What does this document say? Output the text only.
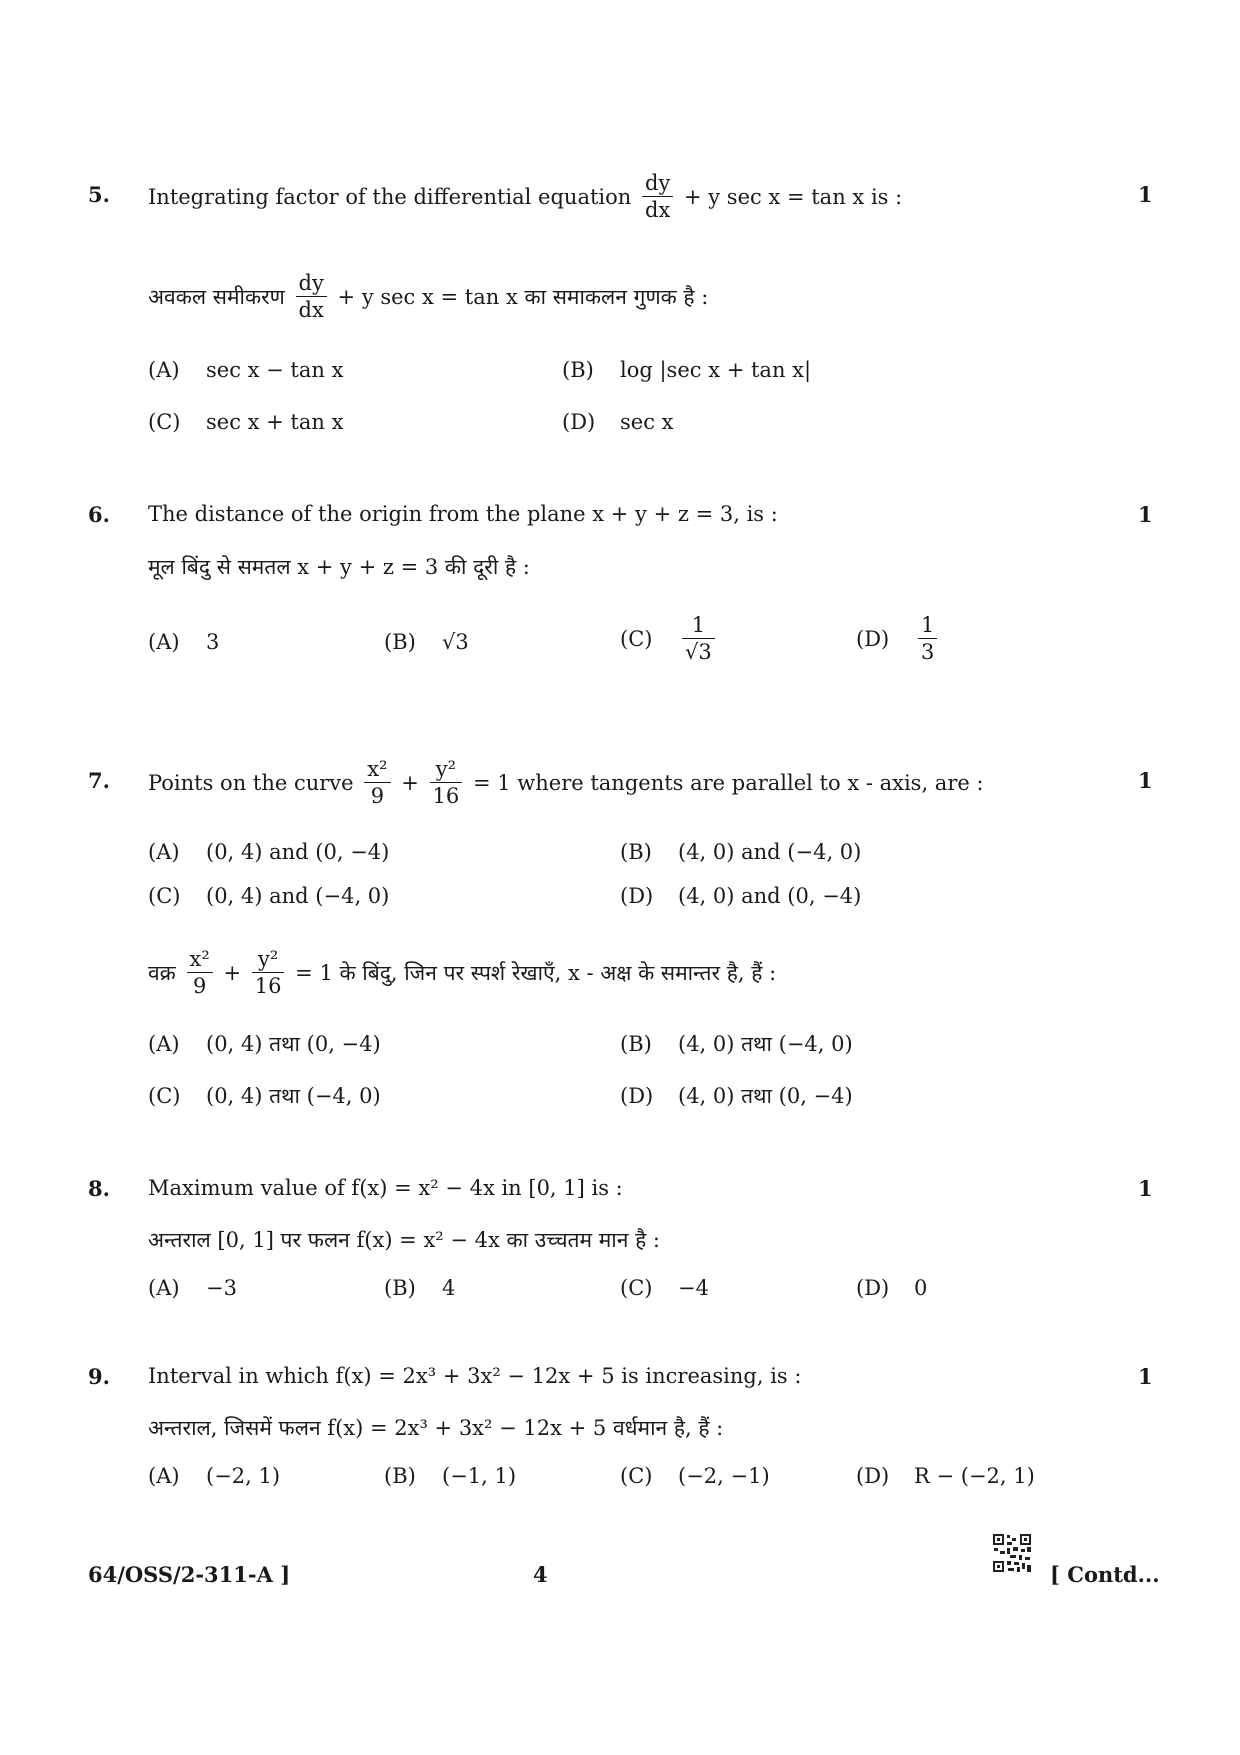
5. Integrating factor of the differential equation $\frac{dy}{dx} + y$ sec x = tan x is :	1
अवकल समीकरण $\frac{dy}{dx} + y$ sec x = tan x का समाकलन गुणक है :
(A) sec x − tan x	(B) log |sec x + tan x|
(C) sec x + tan x	(D) sec x
6. The distance of the origin from the plane x + y + z = 3, is :	1
मूल बिंदु से समतल x + y + z = 3 की दूरी है :
(A) 3	(B) √3	$(C) \frac{1}{√3}$	$(D) \frac{1}{3}$
7. Points on the curve $\frac{\text{x²}}{9} + \frac{\text{y²}}{16} = 1$ where tangents are parallel to x - axis, are :	1
(A) (0, 4) and (0, −4)	(B) (4, 0) and (−4, 0)
(C) (0, 4) and (−4, 0)	(D) (4, 0) and (0, −4)
वक्र $\frac{\text{x²}}{9} + \frac{\text{y²}}{16} = 1$ के बिंदु, जिन पर स्पर्श रेखाएँ, x - अक्ष के समान्तर है, हैं :
(A) (0, 4) तथा (0, −4)	(B) (4, 0) तथा (−4, 0)
(C) (0, 4) तथा (−4, 0)	(D) (4, 0) तथा (0, −4)
8. Maximum value of f(x) = x² − 4x in [0, 1] is :	1
अन्तराल [0, 1] पर फलन f(x) = x² − 4x का उच्चतम मान है :
(A) −3	(B) 4	(C) −4	(D) 0
9. Interval in which f(x) = 2x³ + 3x² − 12x + 5 is increasing, is :	1
अन्तराल, जिसमें फलन f(x) = 2x³ + 3x² − 12x + 5 वर्धमान है, हैं :
(A) (−2, 1)	(B) (−1, 1)	(C) (−2, −1)	(D) R − (−2, 1)
64/OSS/2-311-A ]	4	[ Contd...
